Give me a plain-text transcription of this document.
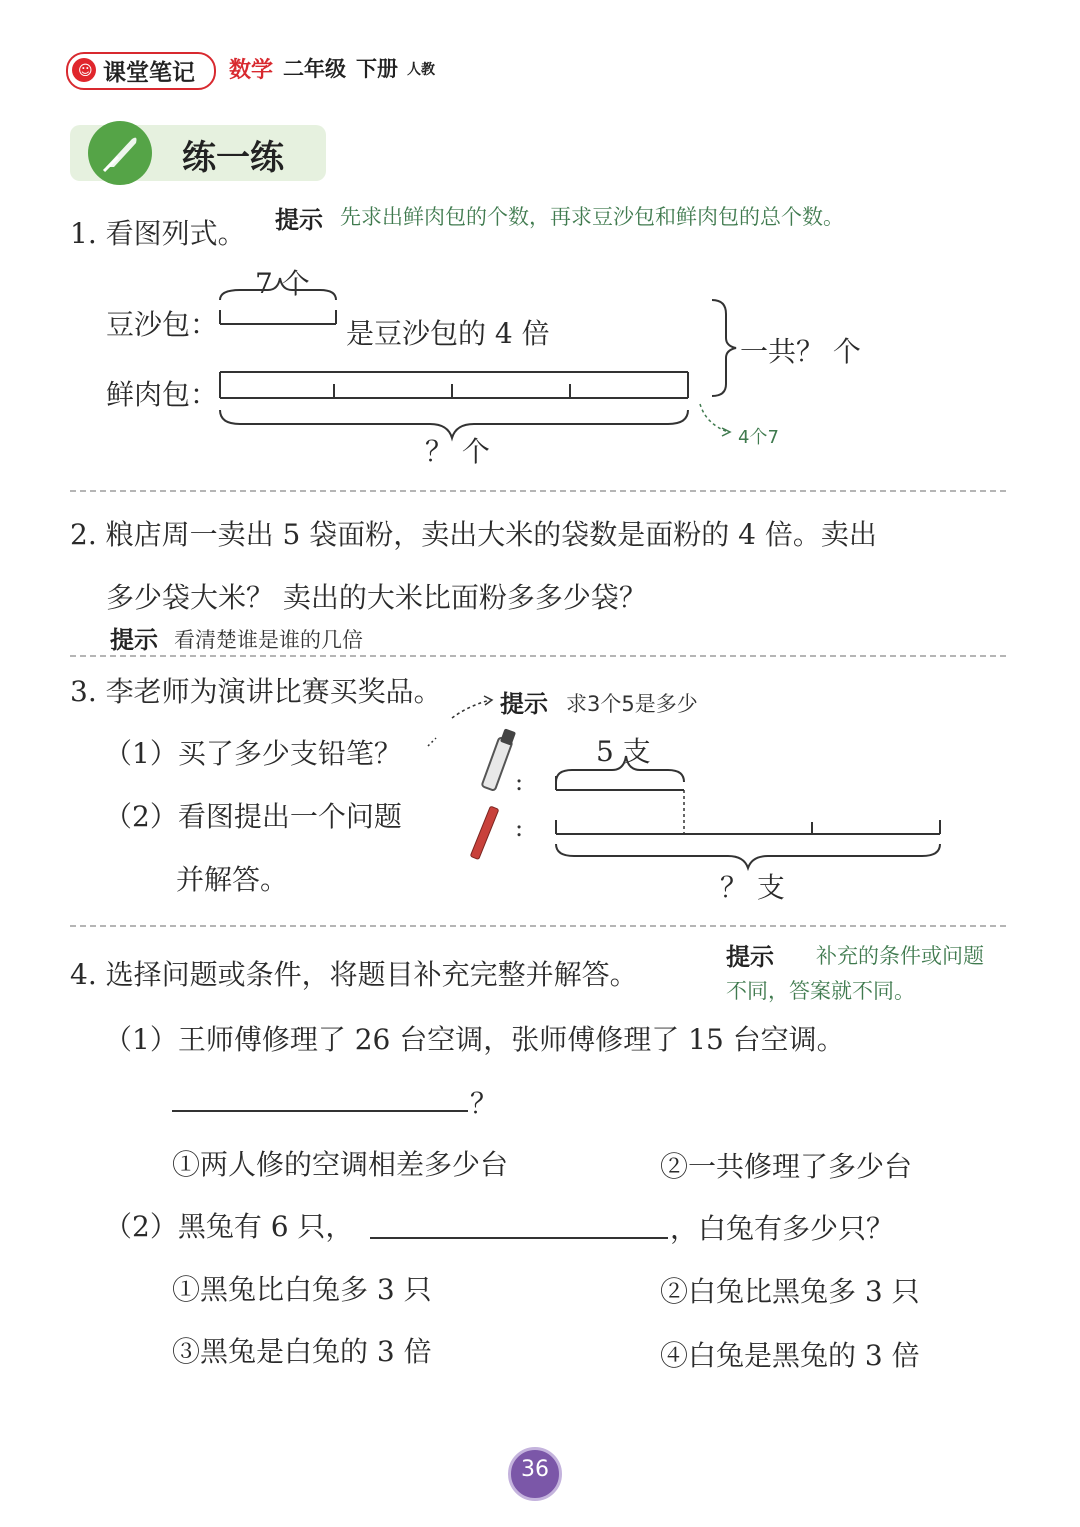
☺ 课堂笔记 数学 二年级 下册 人教
练一练
1. 看图列式。 提示 先求出鲜肉包的个数，再求豆沙包和鲜肉包的总个数。
7 个
豆沙包：	是豆沙包的 4 倍
一共？ 个
鲜肉包：
？ 个	4个7
2. 粮店周一卖出 5 袋面粉，卖出大米的袋数是面粉的 4 倍。卖出
多少袋大米？ 卖出的大米比面粉多多少袋？
提示 看清楚谁是谁的几倍
3. 李老师为演讲比赛买奖品。 提示 求3个5是多少
（1）买了多少支铅笔？
（2）看图提出一个问题
并解答。
5 支
？ 支
:
:
4. 选择问题或条件，将题目补充完整并解答。
提示 补充的条件或问题
不同，答案就不同。
（1）王师傅修理了 26 台空调，张师傅修理了 15 台空调。
？
①两人修的空调相差多少台	②一共修理了多少台
（2）黑兔有 6 只，	，白兔有多少只？
①黑兔比白兔多 3 只	②白兔比黑兔多 3 只
③黑兔是白兔的 3 倍	④白兔是黑兔的 3 倍
36
